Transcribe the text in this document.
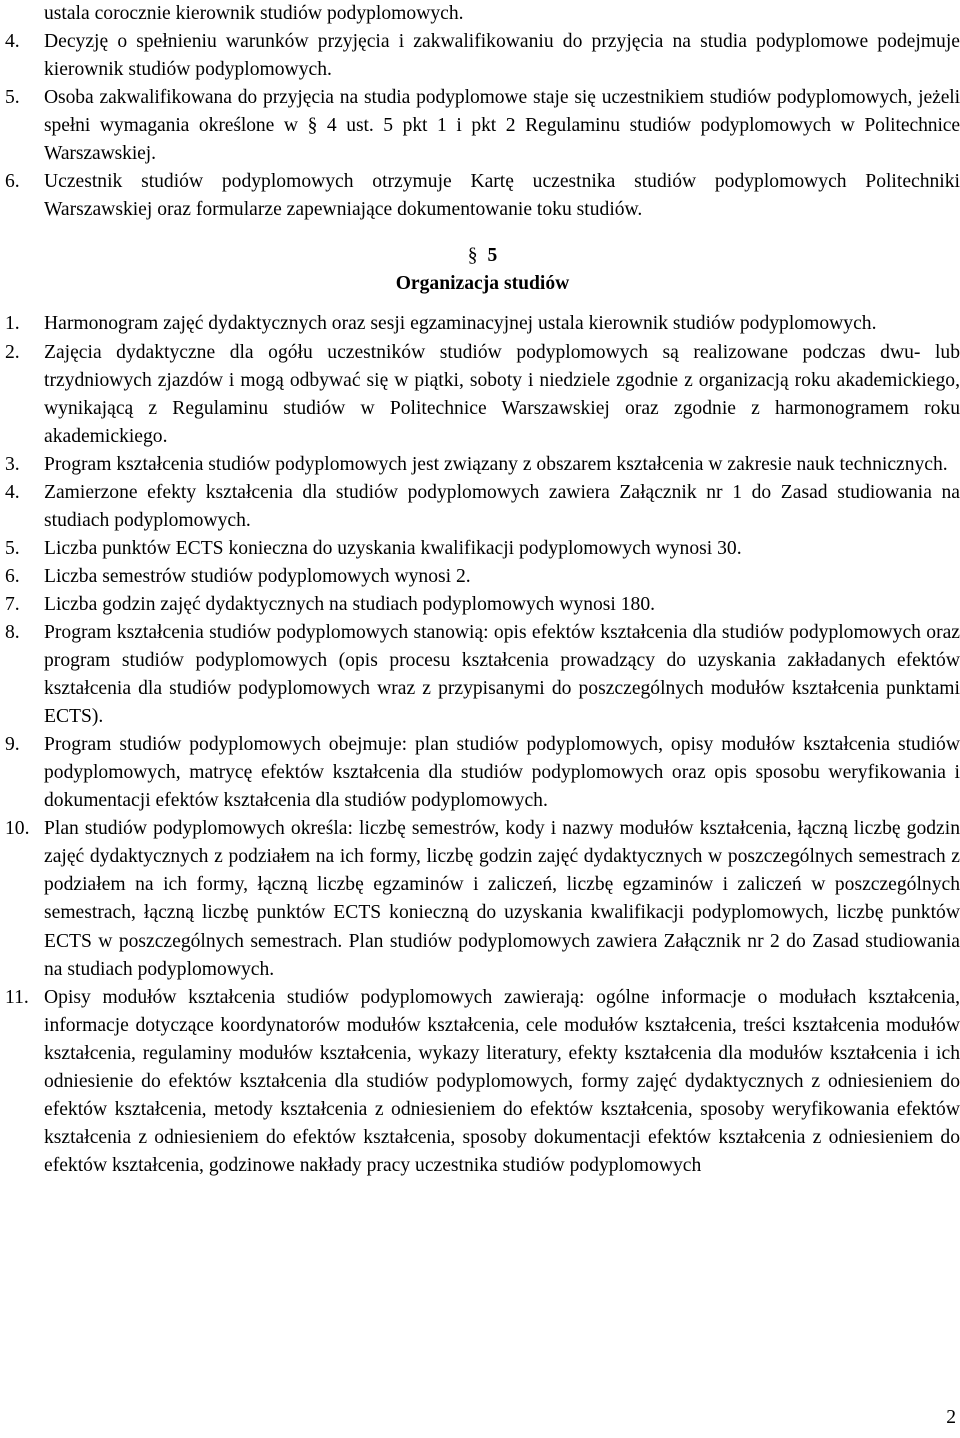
ustala corocznie kierownik studiów podyplomowych.
4.	Decyzję o spełnieniu warunków przyjęcia i zakwalifikowaniu do przyjęcia na studia podyplomowe podejmuje kierownik studiów podyplomowych.
5.	Osoba zakwalifikowana do przyjęcia na studia podyplomowe staje się uczestnikiem studiów podyplomowych, jeżeli spełni wymagania określone w § 4 ust. 5 pkt 1 i pkt 2 Regulaminu studiów podyplomowych w Politechnice Warszawskiej.
6.	Uczestnik studiów podyplomowych otrzymuje Kartę uczestnika studiów podyplomowych Politechniki Warszawskiej oraz formularze zapewniające dokumentowanie toku studiów.
§ 5
Organizacja studiów
1.	Harmonogram zajęć dydaktycznych oraz sesji egzaminacyjnej ustala kierownik studiów podyplomowych.
2.	Zajęcia dydaktyczne dla ogółu uczestników studiów podyplomowych są realizowane podczas dwu- lub trzydniowych zjazdów i mogą odbywać się w piątki, soboty i niedziele zgodnie z organizacją roku akademickiego, wynikającą z Regulaminu studiów w Politechnice Warszawskiej oraz zgodnie z harmonogramem roku akademickiego.
3.	Program kształcenia studiów podyplomowych jest związany z obszarem kształcenia w zakresie nauk technicznych.
4.	Zamierzone efekty kształcenia dla studiów podyplomowych zawiera Załącznik nr 1 do Zasad studiowania na studiach podyplomowych.
5.	Liczba punktów ECTS konieczna do uzyskania kwalifikacji podyplomowych wynosi 30.
6.	Liczba semestrów studiów podyplomowych wynosi 2.
7.	Liczba godzin zajęć dydaktycznych na studiach podyplomowych wynosi 180.
8.	Program kształcenia studiów podyplomowych stanowią: opis efektów kształcenia dla studiów podyplomowych oraz program studiów podyplomowych (opis procesu kształcenia prowadzący do uzyskania zakładanych efektów kształcenia dla studiów podyplomowych wraz z przypisanymi do poszczególnych modułów kształcenia punktami ECTS).
9.	Program studiów podyplomowych obejmuje: plan studiów podyplomowych, opisy modułów kształcenia studiów podyplomowych, matrycę efektów kształcenia dla studiów podyplomowych oraz opis sposobu weryfikowania i dokumentacji efektów kształcenia dla studiów podyplomowych.
10. Plan studiów podyplomowych określa: liczbę semestrów, kody i nazwy modułów kształcenia, łączną liczbę godzin zajęć dydaktycznych z podziałem na ich formy, liczbę godzin zajęć dydaktycznych w poszczególnych semestrach z podziałem na ich formy, łączną liczbę egzaminów i zaliczeń, liczbę egzaminów i zaliczeń w poszczególnych semestrach, łączną liczbę punktów ECTS konieczną do uzyskania kwalifikacji podyplomowych, liczbę punktów ECTS w poszczególnych semestrach. Plan studiów podyplomowych zawiera Załącznik nr 2 do Zasad studiowania na studiach podyplomowych.
11. Opisy modułów kształcenia studiów podyplomowych zawierają: ogólne informacje o modułach kształcenia, informacje dotyczące koordynatorów modułów kształcenia, cele modułów kształcenia, treści kształcenia modułów kształcenia, regulaminy modułów kształcenia, wykazy literatury, efekty kształcenia dla modułów kształcenia i ich odniesienie do efektów kształcenia dla studiów podyplomowych, formy zajęć dydaktycznych z odniesieniem do efektów kształcenia, metody kształcenia z odniesieniem do efektów kształcenia, sposoby weryfikowania efektów kształcenia z odniesieniem do efektów kształcenia, sposoby dokumentacji efektów kształcenia z odniesieniem do efektów kształcenia, godzinowe nakłady pracy uczestnika studiów podyplomowych
2
